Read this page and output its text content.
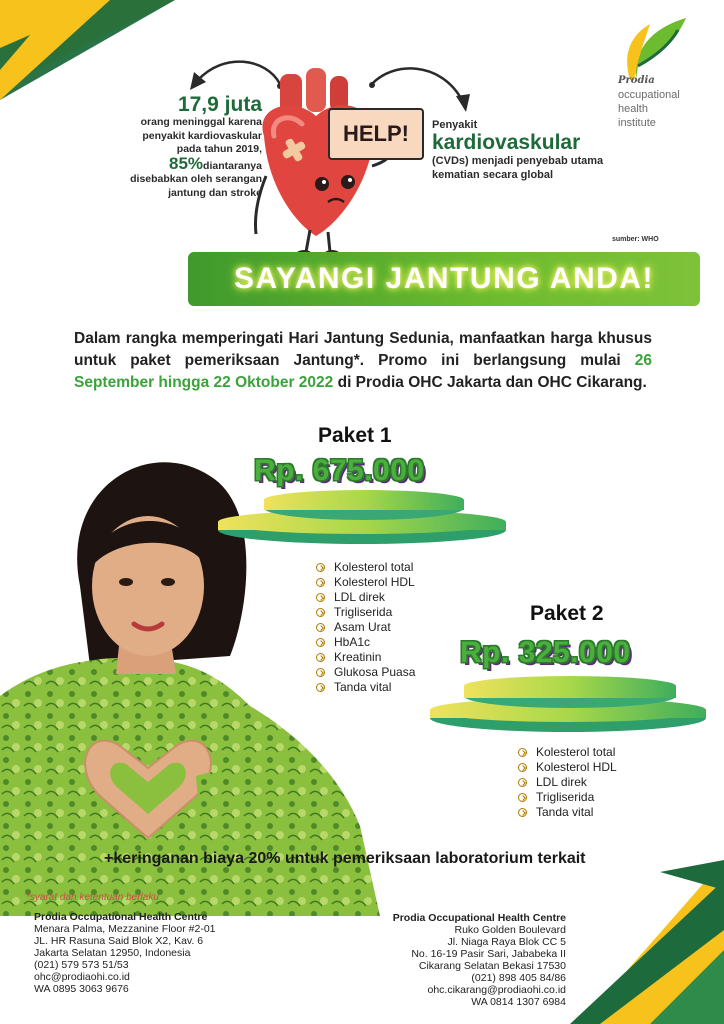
Prodia
occupational
health
institute
HELP!
17,9 juta
orang meninggal karena penyakit kardiovaskular pada tahun 2019,
85%diantaranya disebabkan oleh serangan jantung dan stroke
Penyakit
kardiovaskular
(CVDs) menjadi penyebab utama kematian secara global
sumber: WHO
SAYANGI JANTUNG ANDA!

Dalam rangka memperingati Hari Jantung Sedunia, manfaatkan harga khusus untuk paket pemeriksaan Jantung*. Promo ini berlangsung mulai 26 September hingga 22 Oktober 2022 di Prodia OHC Jakarta dan OHC Cikarang.

Paket 1
Rp. 675.000
Kolesterol total
Kolesterol HDL
LDL direk
Trigliserida
Asam Urat
HbA1c
Kreatinin
Glukosa Puasa
Tanda vital
Paket 2
Rp. 325.000
Kolesterol total
Kolesterol HDL
LDL direk
Trigliserida
Tanda vital
+keringanan biaya 20% untuk pemeriksaan laboratorium terkait
*syarat dan ketentuan berlaku
Prodia Occupational Health Centre
Menara Palma, Mezzanine Floor #2-01
JL. HR Rasuna Said Blok X2, Kav. 6
Jakarta Selatan 12950, Indonesia
(021) 579 573 51/53
ohc@prodiaohi.co.id
WA 0895 3063 9676
Prodia Occupational Health Centre
Ruko Golden Boulevard
Jl. Niaga Raya Blok CC 5
No. 16-19 Pasir Sari, Jababeka II
Cikarang Selatan Bekasi 17530
(021) 898 405 84/86
ohc.cikarang@prodiaohi.co.id
WA 0814 1307 6984
